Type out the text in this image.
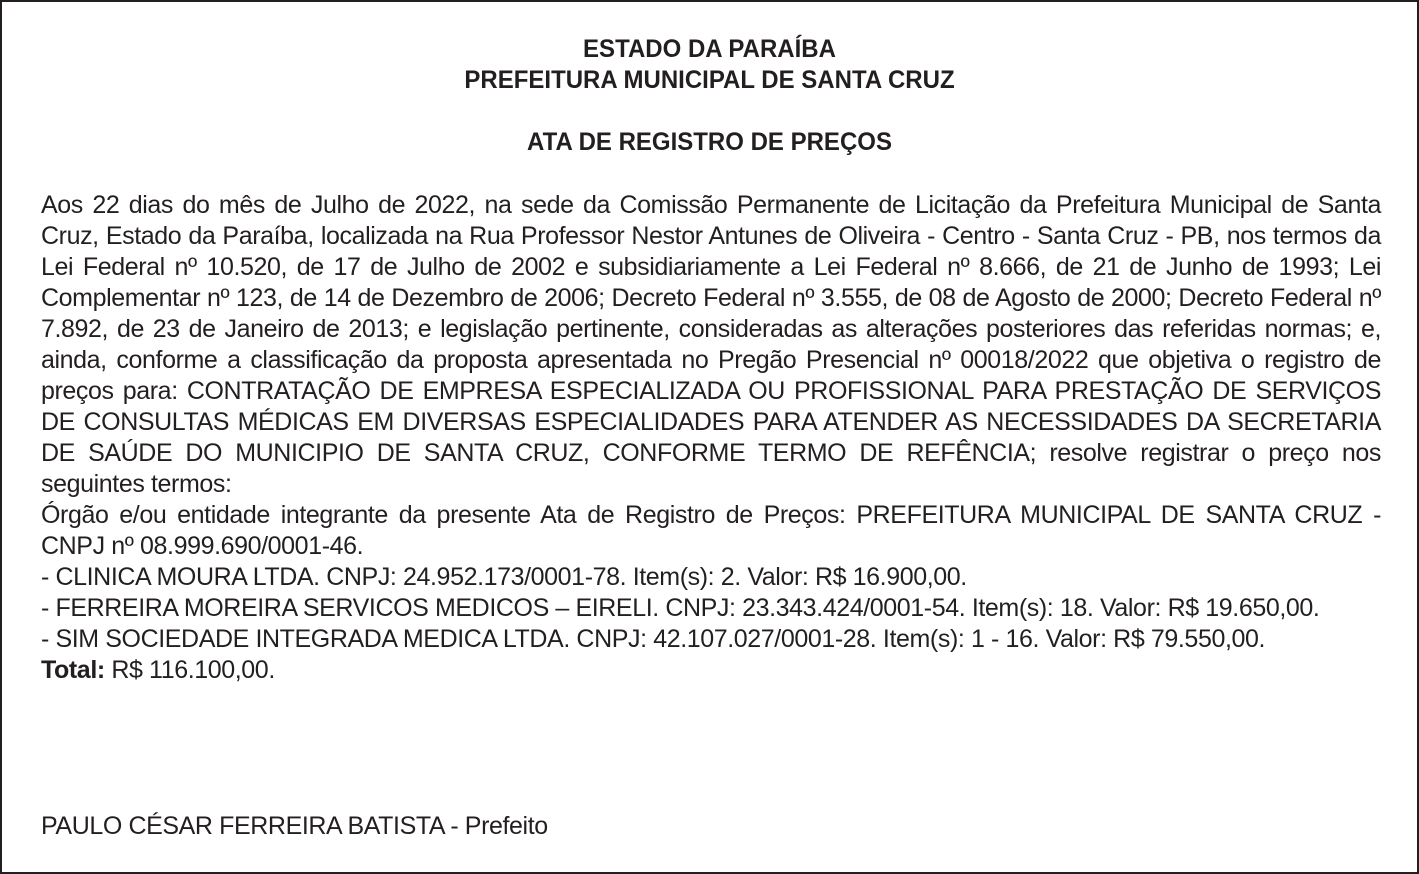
ESTADO DA PARAÍBA
PREFEITURA MUNICIPAL DE SANTA CRUZ
ATA DE REGISTRO DE PREÇOS

Aos 22 dias do mês de Julho de 2022, na sede da Comissão Permanente de Licitação da Prefeitura Municipal de Santa Cruz, Estado da Paraíba, localizada na Rua Professor Nestor Antunes de Oliveira - Centro - Santa Cruz - PB, nos termos da Lei Federal nº 10.520, de 17 de Julho de 2002 e subsidiariamente a Lei Federal nº 8.666, de 21 de Junho de 1993; Lei Complementar nº 123, de 14 de Dezembro de 2006; Decreto Federal nº 3.555, de 08 de Agosto de 2000; Decreto Federal nº 7.892, de 23 de Janeiro de 2013; e legislação pertinente, consideradas as alterações posteriores das referidas normas; e, ainda, conforme a classificação da proposta apresentada no Pregão Presencial nº 00018/2022 que objetiva o registro de preços para: CONTRATAÇÃO DE EMPRESA ESPECIALIZADA OU PROFISSIONAL PARA PRESTAÇÃO DE SERVIÇOS DE CONSULTAS MÉDICAS EM DIVERSAS ESPECIALIDADES PARA ATENDER AS NECESSIDADES DA SECRETARIA DE SAÚDE DO MUNICIPIO DE SANTA CRUZ, CONFORME TERMO DE REFÊNCIA; resolve registrar o preço nos seguintes termos:

Órgão e/ou entidade integrante da presente Ata de Registro de Preços: PREFEITURA MUNICIPAL DE SANTA CRUZ - CNPJ nº 08.999.690/0001-46.

- CLINICA MOURA LTDA. CNPJ: 24.952.173/0001-78. Item(s): 2. Valor: R$ 16.900,00.

- FERREIRA MOREIRA SERVICOS MEDICOS – EIRELI. CNPJ: 23.343.424/0001-54. Item(s): 18. Valor: R$ 19.650,00.

- SIM SOCIEDADE INTEGRADA MEDICA LTDA. CNPJ: 42.107.027/0001-28. Item(s): 1 - 16. Valor: R$ 79.550,00.

Total: R$ 116.100,00.

PAULO CÉSAR FERREIRA BATISTA - Prefeito
